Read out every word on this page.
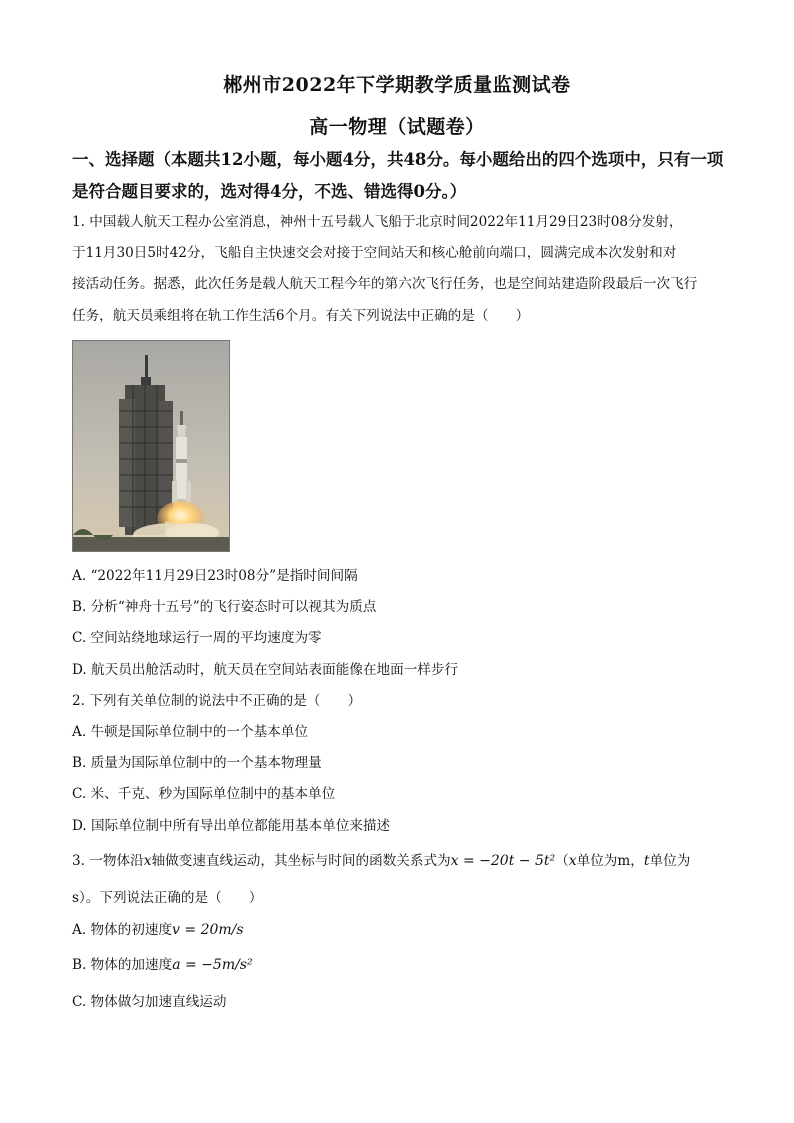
郴州市2022年下学期教学质量监测试卷
高一物理（试题卷）
一、选择题（本题共12小题，每小题4分，共48分。每小题给出的四个选项中，只有一项
是符合题目要求的，选对得4分，不选、错选得0分。）
1. 中国载人航天工程办公室消息，神州十五号载人飞船于北京时间2022年11月29日23时08分发射，
于11月30日5时42分，飞船自主快速交会对接于空间站天和核心舱前向端口，圆满完成本次发射和对
接活动任务。据悉，此次任务是载人航天工程今年的第六次飞行任务，也是空间站建造阶段最后一次飞行
任务，航天员乘组将在轨工作生活6个月。有关下列说法中正确的是（　　）
A. “2022年11月29日23时08分”是指时间间隔
B. 分析“神舟十五号”的飞行姿态时可以视其为质点
C. 空间站绕地球运行一周的平均速度为零
D. 航天员出舱活动时，航天员在空间站表面能像在地面一样步行
2. 下列有关单位制的说法中不正确的是（　　）
A. 牛顿是国际单位制中的一个基本单位
B. 质量为国际单位制中的一个基本物理量
C. 米、千克、秒为国际单位制中的基本单位
D. 国际单位制中所有导出单位都能用基本单位来描述
3. 一物体沿x轴做变速直线运动，其坐标与时间的函数关系式为x = −20t − 5t²（x单位为m，t单位为
s）。下列说法正确的是（　　）
A. 物体的初速度v = 20m/s
B. 物体的加速度a = −5m/s²
C. 物体做匀加速直线运动
